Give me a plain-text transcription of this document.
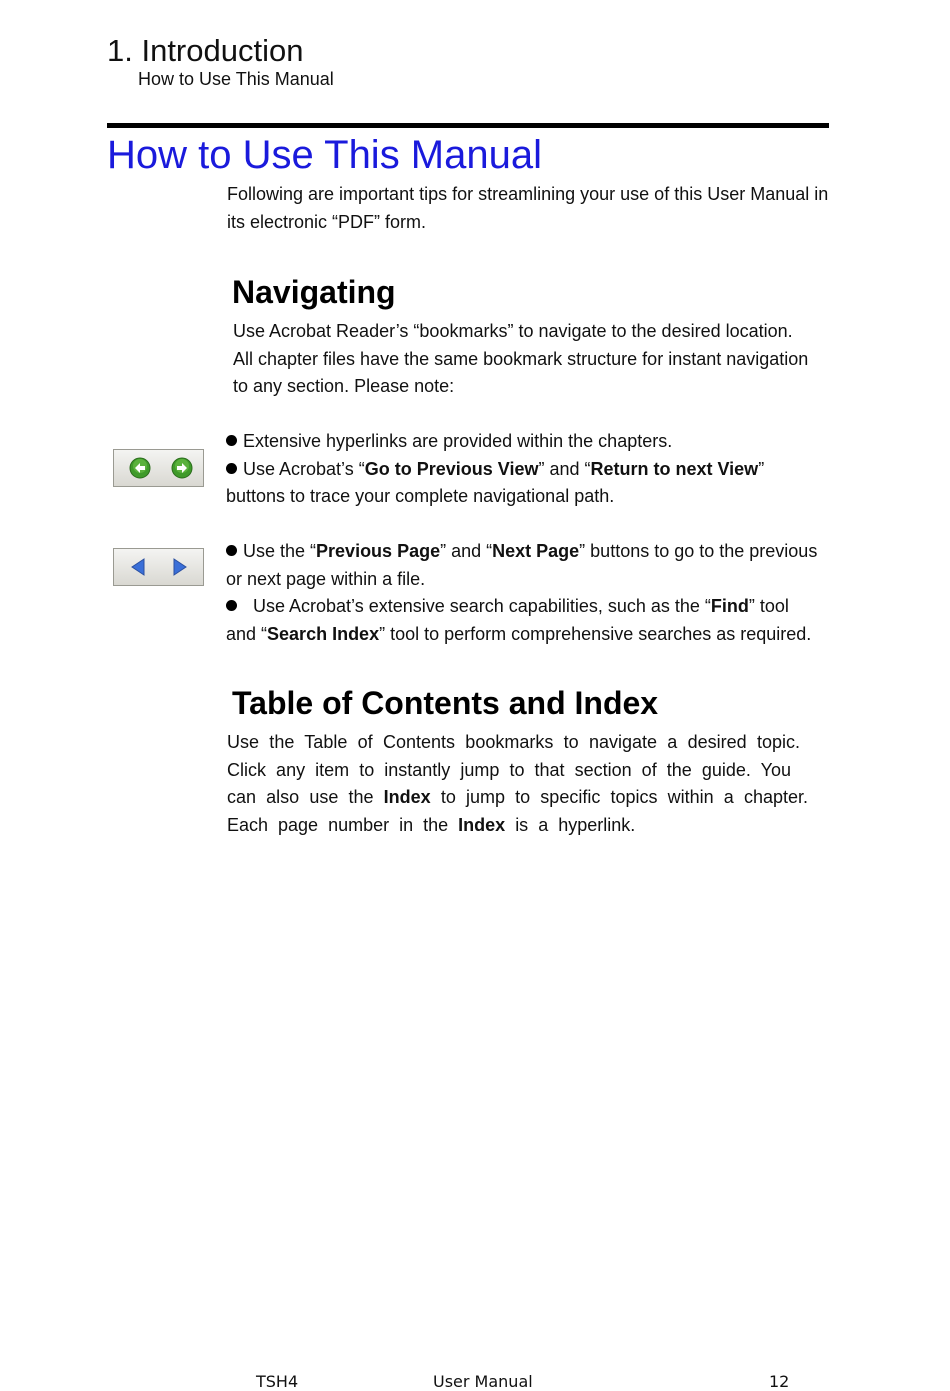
1. Introduction
How to Use This Manual
How to Use This Manual
Following are important tips for streamlining your use of this User Manual in
its electronic “PDF” form.
Navigating
Use Acrobat Reader’s “bookmarks” to navigate to the desired location.
All chapter files have the same bookmark structure for instant navigation
to any section. Please note:
Extensive hyperlinks are provided within the chapters.
Use Acrobat’s “Go to Previous View” and “Return to next View”
buttons to trace your complete navigational path.
Use the “Previous Page” and “Next Page” buttons to go to the previous
or next page within a file.
Use Acrobat’s extensive search capabilities, such as the “Find” tool
and “Search Index” tool to perform comprehensive searches as required.
Table of Contents and Index
Use the Table of Contents bookmarks to navigate a desired topic.
Click any item to instantly jump to that section of the guide. You
can also use the Index to jump to specific topics within a chapter.
Each page number in the Index is a hyperlink.
TSH4	User Manual	12
